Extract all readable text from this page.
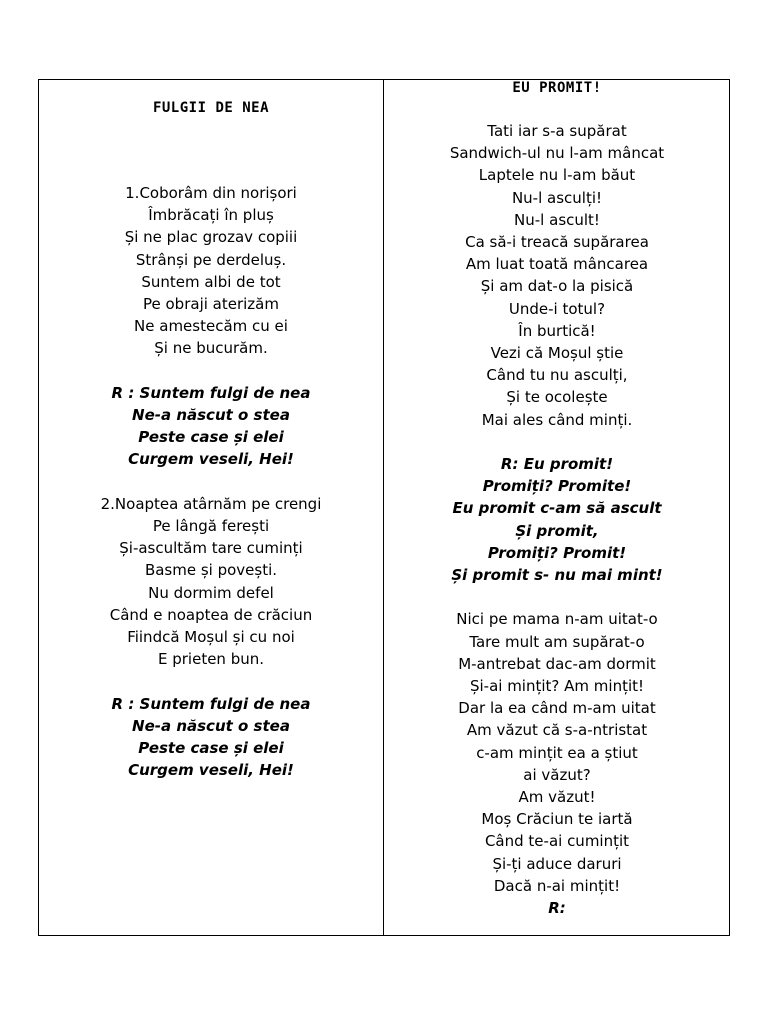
FULGII DE NEA
EU PROMIT!
1.Coborâm din norișori
Îmbrăcați în pluș
Și ne plac grozav copiii
Strânși pe derdeluș.
Suntem albi de tot
Pe obraji aterizăm
Ne amestecăm cu ei
Și ne bucurăm.
R : Suntem fulgi de nea
Ne-a născut o stea
Peste case și elei
Curgem veseli, Hei!
2.Noaptea atârnăm pe crengi
Pe lângă ferești
Și-ascultăm tare cuminți
Basme și povești.
Nu dormim defel
Când e noaptea de crăciun
Fiindcă Moșul și cu noi
E prieten bun.
R : Suntem fulgi de nea
Ne-a născut o stea
Peste case și elei
Curgem veseli, Hei!
Tati iar s-a supărat
Sandwich-ul nu l-am mâncat
Laptele nu l-am băut
Nu-l asculți!
Nu-l ascult!
Ca să-i treacă supărarea
Am luat toată mâncarea
Și am dat-o la pisică
Unde-i totul?
În burtică!
Vezi că Moșul știe
Când tu nu asculți,
Și te ocolește
Mai ales când minți.
R: Eu promit!
Promiți? Promite!
Eu promit c-am să ascult
Și promit,
Promiți? Promit!
Și promit s- nu mai mint!
Nici pe mama n-am uitat-o
Tare mult am supărat-o
M-antrebat dac-am dormit
Și-ai mințit? Am mințit!
Dar la ea când m-am uitat
Am văzut că s-a-ntristat
c-am mințit ea a știut
ai văzut?
Am văzut!
Moș Crăciun te iartă
Când te-ai cumințit
Și-ți aduce daruri
Dacă n-ai mințit!
R:
